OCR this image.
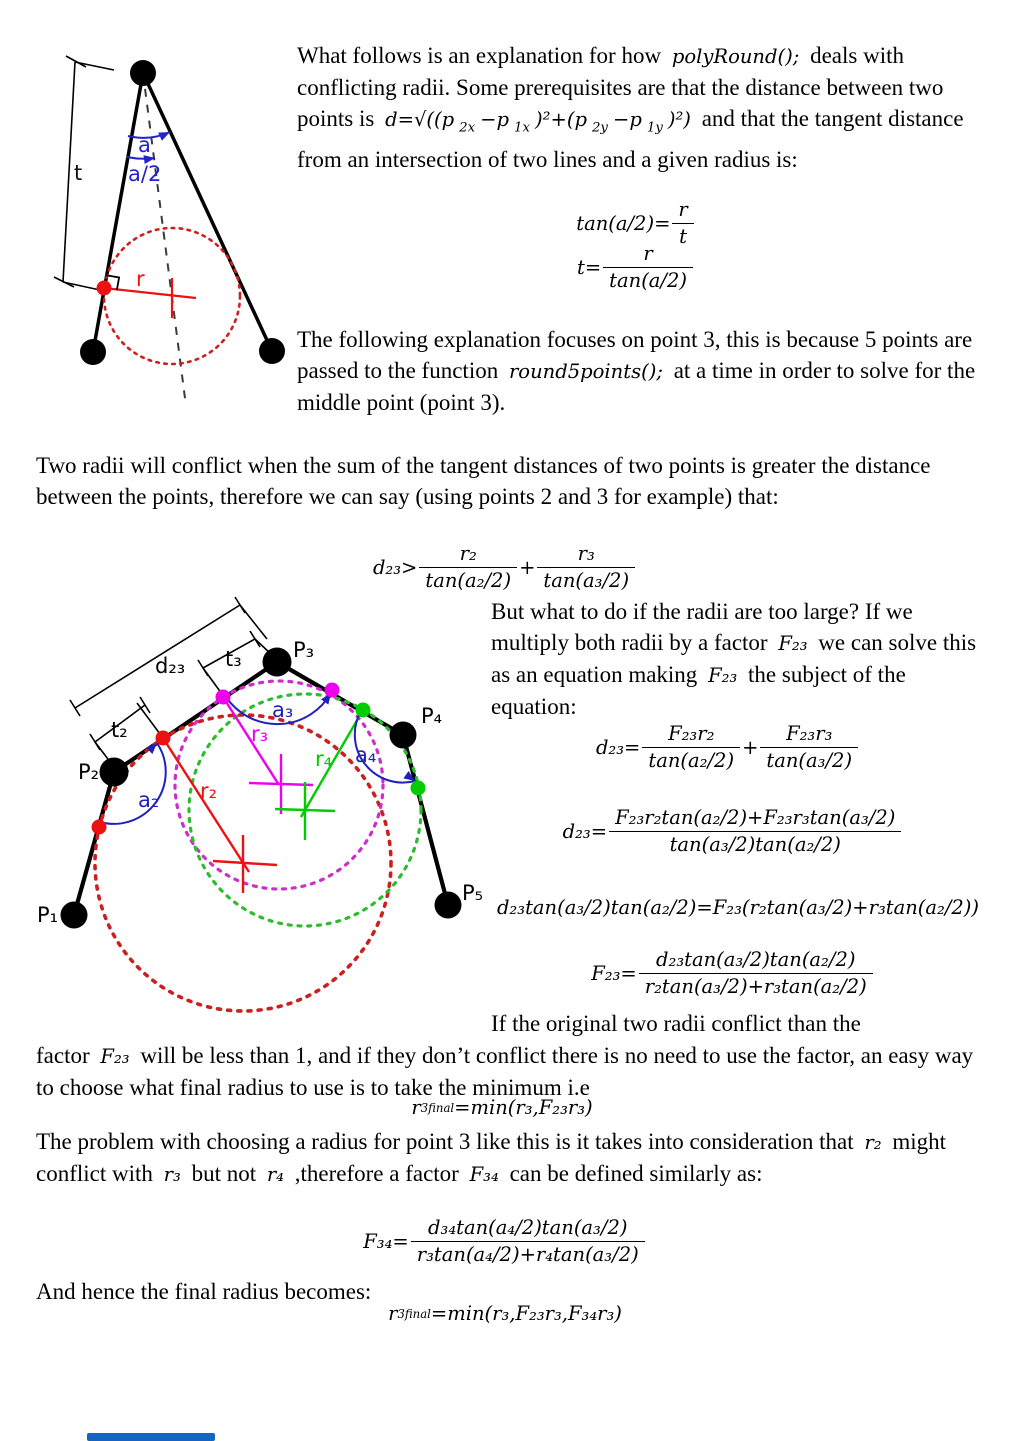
t
a
a/2
r
What follows is an explanation for how polyRound(); deals with conflicting radii. Some prerequisites are that the distance between two points is d=√((p $_{2x}$ −p $_{1x}$ )²+(p $_{2y}$ −p $_{1y}$ )²) and that the tangent distance from an intersection of two lines and a given radius is:
$\tan(a/2)= \frac{r}{t}$
$t= \frac{r}{\tan(a/2)}$
The following explanation focuses on point 3, this is because 5 points are passed to the function round5points(); at a time in order to solve for the middle point (point 3).
Two radii will conflict when the sum of the tangent distances of two points is greater the distance between the points, therefore we can say (using points 2 and 3 for example) that:
$d_{23}> \frac{\text{r₂}}{\text{tan(a₂/2)}} + \frac{\text{r₃}}{\text{tan(a₃/2)}}$
d₂₃ t₃
t₂
P₁
P₂
P₃
P₄
P₅
a₂
a₃
a₄
r₂
r₃
r₄
But what to do if the radii are too large? If we multiply both radii by a factor F₂₃ we can solve this as an equation making F₂₃ the subject of the equation:
$d_{23}= \frac{\text{F₂₃r₂}}{\text{tan(a₂/2)}} + \frac{\text{F₂₃r₃}}{\text{tan(a₃/2)}}$
$d_{23}= \frac{\text{F₂₃r₂tan(a₂/2)+F₂₃r₃tan(a₃/2)}}{\text{tan(a₃/2)tan(a₂/2)}}$
d₂₃tan(a₃/2)tan(a₂/2)=F₂₃(r₂tan(a₃/2)+r₃tan(a₂/2))
$F_{23}= \frac{\text{d₂₃tan(a₃/2)tan(a₂/2)}}{\text{r₂tan(a₃/2)+r₃tan(a₂/2)}}$
If the original two radii conflict than the
factor F₂₃ will be less than 1, and if they don’t conflict there is no need to use the factor, an easy way to choose what final radius to use is to take the minimum i.e
r 3final =min(r₃,F₂₃r₃)
The problem with choosing a radius for point 3 like this is it takes into consideration that r₂ might conflict with r₃ but not r₄ ,therefore a factor F₃₄ can be defined similarly as:
$F_{34}= \frac{\text{d₃₄tan(a₄/2)tan(a₃/2)}}{\text{r₃tan(a₄/2)+r₄tan(a₃/2)}}$
And hence the final radius becomes:
r 3final =min(r₃,F₂₃r₃,F₃₄r₃)
